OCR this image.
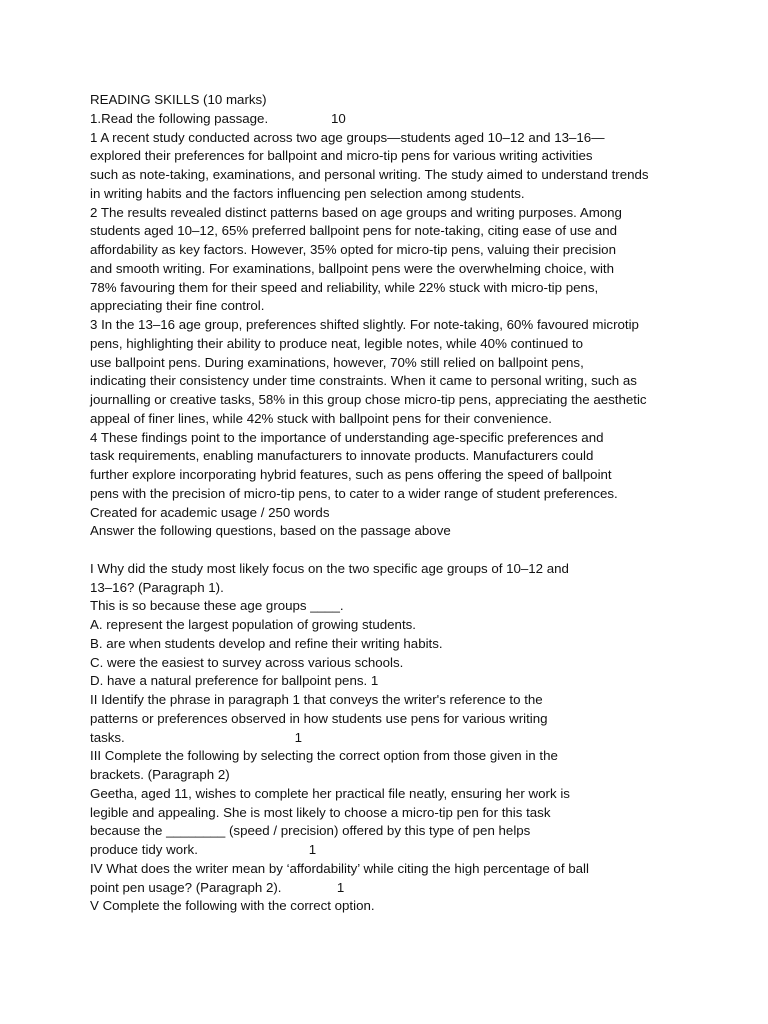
READING SKILLS (10 marks)
1.Read the following passage.                 10
1 A recent study conducted across two age groups—students aged 10–12 and 13–16—
explored their preferences for ballpoint and micro-tip pens for various writing activities
such as note-taking, examinations, and personal writing. The study aimed to understand trends
in writing habits and the factors influencing pen selection among students.
2 The results revealed distinct patterns based on age groups and writing purposes. Among
students aged 10–12, 65% preferred ballpoint pens for note-taking, citing ease of use and
affordability as key factors. However, 35% opted for micro-tip pens, valuing their precision
and smooth writing. For examinations, ballpoint pens were the overwhelming choice, with
78% favouring them for their speed and reliability, while 22% stuck with micro-tip pens,
appreciating their fine control.
3 In the 13–16 age group, preferences shifted slightly. For note-taking, 60% favoured microtip
pens, highlighting their ability to produce neat, legible notes, while 40% continued to
use ballpoint pens. During examinations, however, 70% still relied on ballpoint pens,
indicating their consistency under time constraints. When it came to personal writing, such as
journalling or creative tasks, 58% in this group chose micro-tip pens, appreciating the aesthetic
appeal of finer lines, while 42% stuck with ballpoint pens for their convenience.
4 These findings point to the importance of understanding age-specific preferences and
task requirements, enabling manufacturers to innovate products. Manufacturers could
further explore incorporating hybrid features, such as pens offering the speed of ballpoint
pens with the precision of micro-tip pens, to cater to a wider range of student preferences.
Created for academic usage / 250 words
Answer the following questions, based on the passage above
I Why did the study most likely focus on the two specific age groups of 10–12 and
13–16? (Paragraph 1).
This is so because these age groups ____.
A. represent the largest population of growing students.
B. are when students develop and refine their writing habits.
C. were the easiest to survey across various schools.
D. have a natural preference for ballpoint pens. 1
II Identify the phrase in paragraph 1 that conveys the writer's reference to the
patterns or preferences observed in how students use pens for various writing
tasks.                                              1
III Complete the following by selecting the correct option from those given in the
brackets. (Paragraph 2)
Geetha, aged 11, wishes to complete her practical file neatly, ensuring her work is
legible and appealing. She is most likely to choose a micro-tip pen for this task
because the ________ (speed / precision) offered by this type of pen helps
produce tidy work.                              1
IV What does the writer mean by ‘affordability’ while citing the high percentage of ball
point pen usage? (Paragraph 2).               1
V Complete the following with the correct option.
